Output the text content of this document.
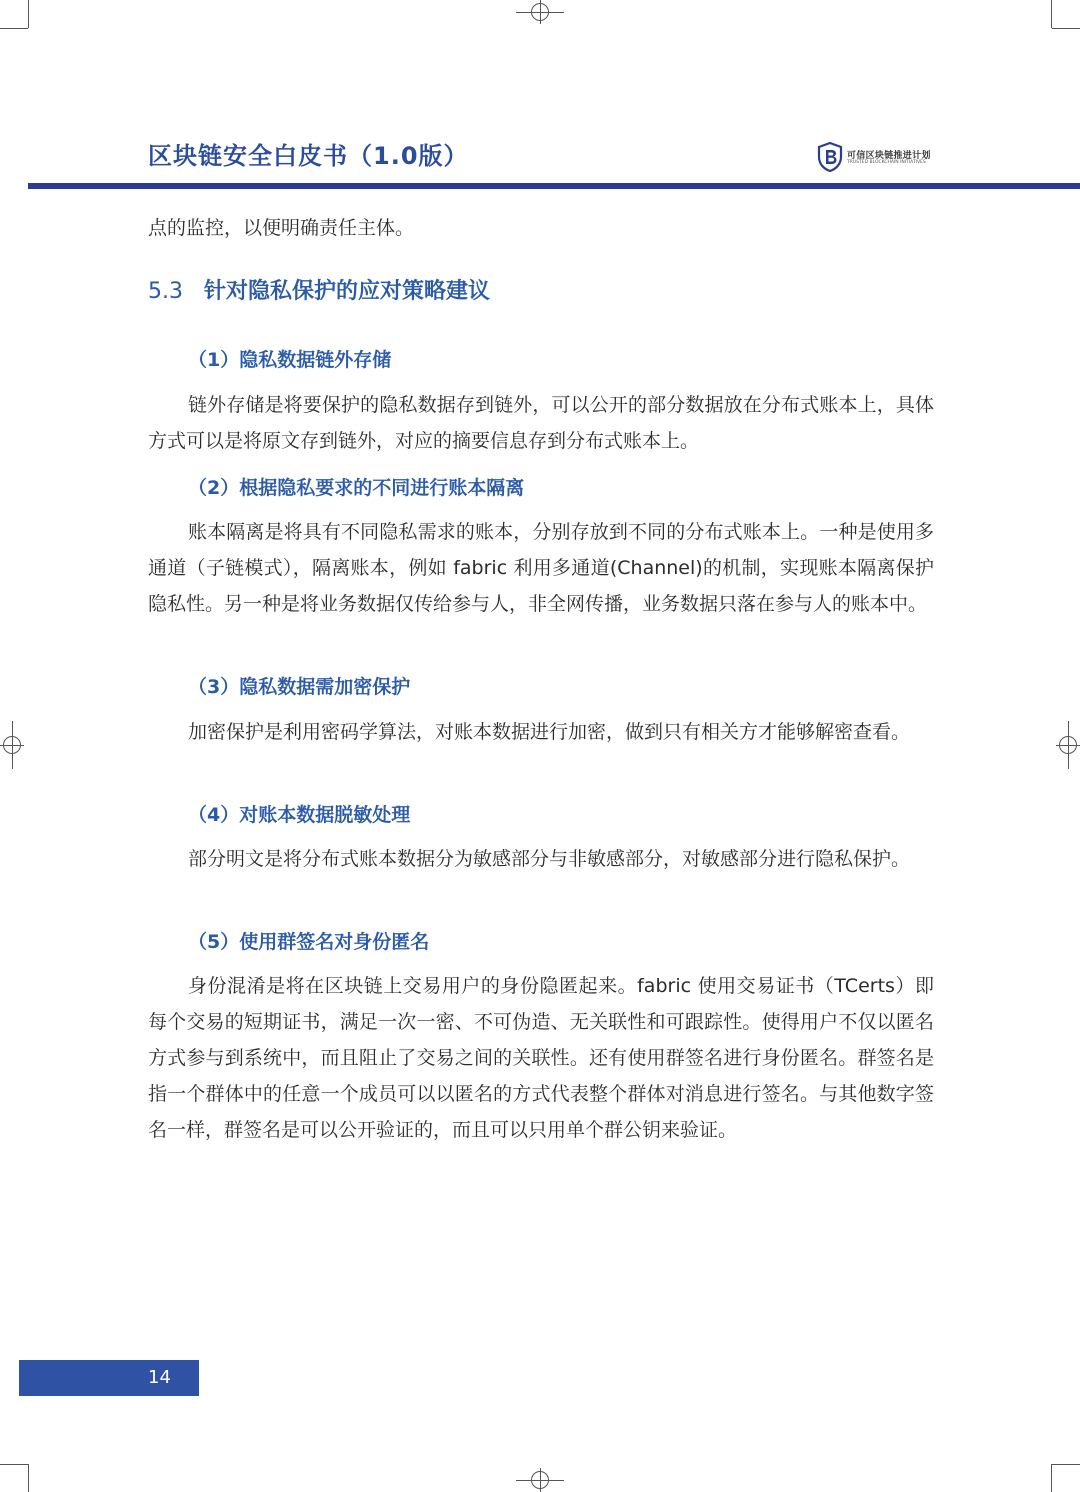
区块链安全白皮书（1.0版）	可信区块链推进计划
TRUSTED BLOCKCHAIN INITIATIVES

点的监控，以便明确责任主体。

5.3 针对隐私保护的应对策略建议
（1）隐私数据链外存储

链外存储是将要保护的隐私数据存到链外，可以公开的部分数据放在分布式账本上，具体方式可以是将原文存到链外，对应的摘要信息存到分布式账本上。

（2）根据隐私要求的不同进行账本隔离

账本隔离是将具有不同隐私需求的账本，分别存放到不同的分布式账本上。一种是使用多通道（子链模式），隔离账本，例如 fabric 利用多通道(Channel)的机制，实现账本隔离保护隐私性。另一种是将业务数据仅传给参与人，非全网传播，业务数据只落在参与人的账本中。

（3）隐私数据需加密保护

加密保护是利用密码学算法，对账本数据进行加密，做到只有相关方才能够解密查看。

（4）对账本数据脱敏处理

部分明文是将分布式账本数据分为敏感部分与非敏感部分，对敏感部分进行隐私保护。

（5）使用群签名对身份匿名

身份混淆是将在区块链上交易用户的身份隐匿起来。fabric 使用交易证书（TCerts）即每个交易的短期证书，满足一次一密、不可伪造、无关联性和可跟踪性。使得用户不仅以匿名方式参与到系统中，而且阻止了交易之间的关联性。还有使用群签名进行身份匿名。群签名是指一个群体中的任意一个成员可以以匿名的方式代表整个群体对消息进行签名。与其他数字签名一样，群签名是可以公开验证的，而且可以只用单个群公钥来验证。

14
